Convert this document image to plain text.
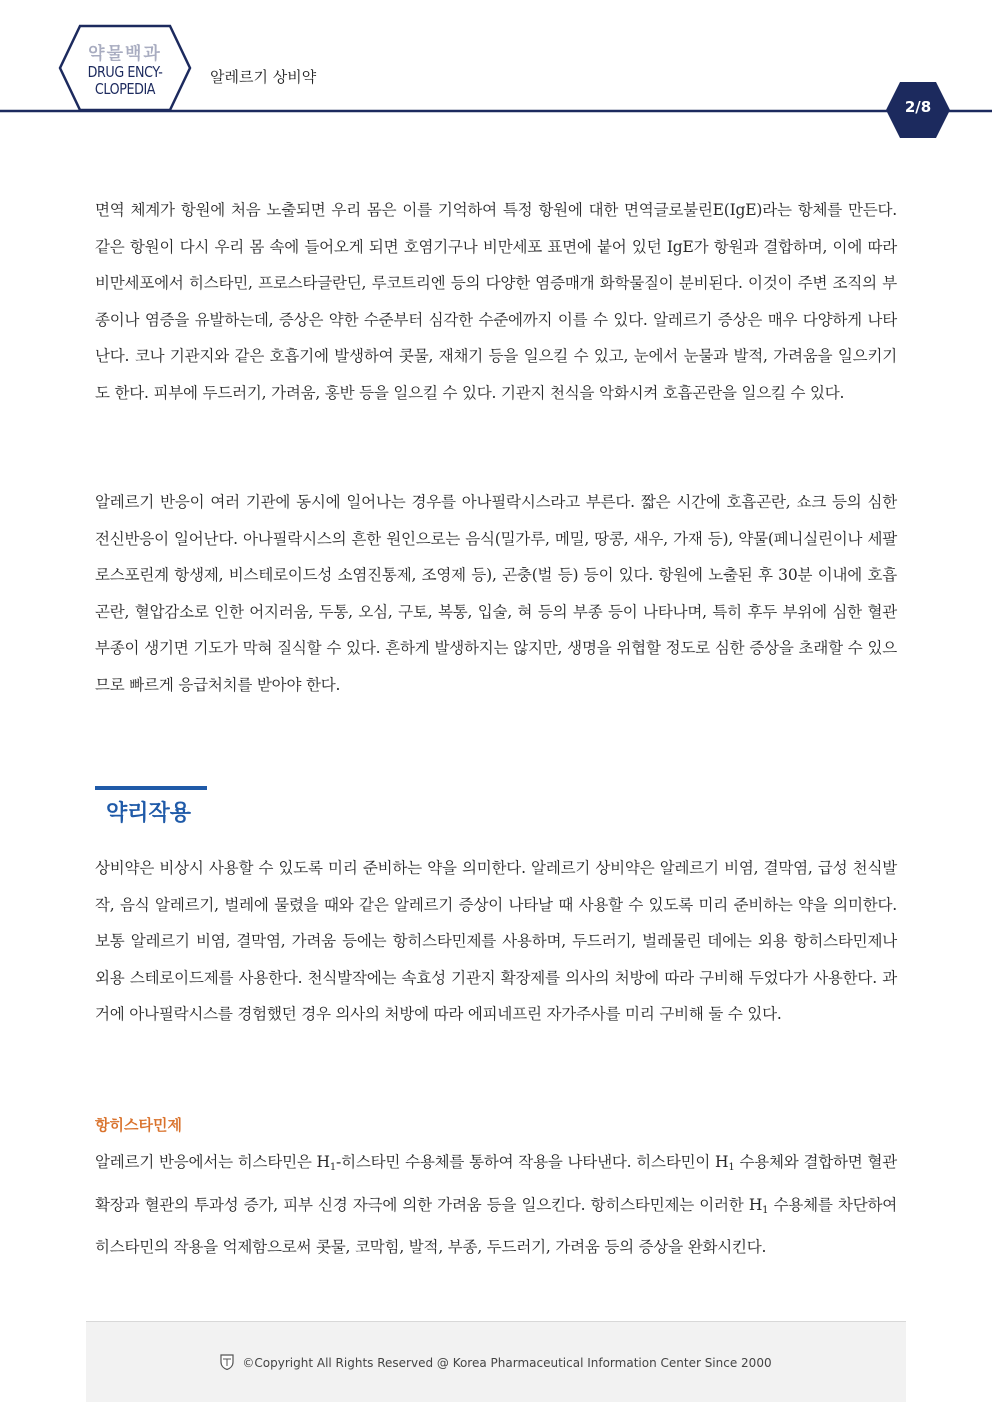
약물백과
DRUG ENCY-
CLOPEDIA
알레르기 상비약
2/8

면역 체계가 항원에 처음 노출되면 우리 몸은 이를 기억하여 특정 항원에 대한 면역글로불린E(IgE)라는 항체를 만든다. 같은 항원이 다시 우리 몸 속에 들어오게 되면 호염기구나 비만세포 표면에 붙어 있던 IgE가 항원과 결합하며, 이에 따라 비만세포에서 히스타민, 프로스타글란딘, 루코트리엔 등의 다양한 염증매개 화학물질이 분비된다. 이것이 주변 조직의 부종이나 염증을 유발하는데, 증상은 약한 수준부터 심각한 수준에까지 이를 수 있다. 알레르기 증상은 매우 다양하게 나타난다. 코나 기관지와 같은 호흡기에 발생하여 콧물, 재채기 등을 일으킬 수 있고, 눈에서 눈물과 발적, 가려움을 일으키기도 한다. 피부에 두드러기, 가려움, 홍반 등을 일으킬 수 있다. 기관지 천식을 악화시켜 호흡곤란을 일으킬 수 있다.

알레르기 반응이 여러 기관에 동시에 일어나는 경우를 아나필락시스라고 부른다. 짧은 시간에 호흡곤란, 쇼크 등의 심한 전신반응이 일어난다. 아나필락시스의 흔한 원인으로는 음식(밀가루, 메밀, 땅콩, 새우, 가재 등), 약물(페니실린이나 세팔로스포린계 항생제, 비스테로이드성 소염진통제, 조영제 등), 곤충(벌 등) 등이 있다. 항원에 노출된 후 30분 이내에 호흡곤란, 혈압감소로 인한 어지러움, 두통, 오심, 구토, 복통, 입술, 혀 등의 부종 등이 나타나며, 특히 후두 부위에 심한 혈관 부종이 생기면 기도가 막혀 질식할 수 있다. 흔하게 발생하지는 않지만, 생명을 위협할 정도로 심한 증상을 초래할 수 있으므로 빠르게 응급처치를 받아야 한다.

약리작용

상비약은 비상시 사용할 수 있도록 미리 준비하는 약을 의미한다. 알레르기 상비약은 알레르기 비염, 결막염, 급성 천식발작, 음식 알레르기, 벌레에 물렸을 때와 같은 알레르기 증상이 나타날 때 사용할 수 있도록 미리 준비하는 약을 의미한다. 보통 알레르기 비염, 결막염, 가려움 등에는 항히스타민제를 사용하며, 두드러기, 벌레물린 데에는 외용 항히스타민제나 외용 스테로이드제를 사용한다. 천식발작에는 속효성 기관지 확장제를 의사의 처방에 따라 구비해 두었다가 사용한다. 과거에 아나필락시스를 경험했던 경우 의사의 처방에 따라 에피네프린 자가주사를 미리 구비해 둘 수 있다.

항히스타민제

알레르기 반응에서는 히스타민은 $H_1-$히스타민 수용체를 통하여 작용을 나타낸다. 히스타민이 $H_1$ 수용체와 결합하면 혈관 확장과 혈관의 투과성 증가, 피부 신경 자극에 의한 가려움 등을 일으킨다. 항히스타민제는 이러한 $H_1$ 수용체를 차단하여 히스타민의 작용을 억제함으로써 콧물, 코막힘, 발적, 부종, 두드러기, 가려움 등의 증상을 완화시킨다.

©Copyright All Rights Reserved @ Korea Pharmaceutical Information Center Since 2000
